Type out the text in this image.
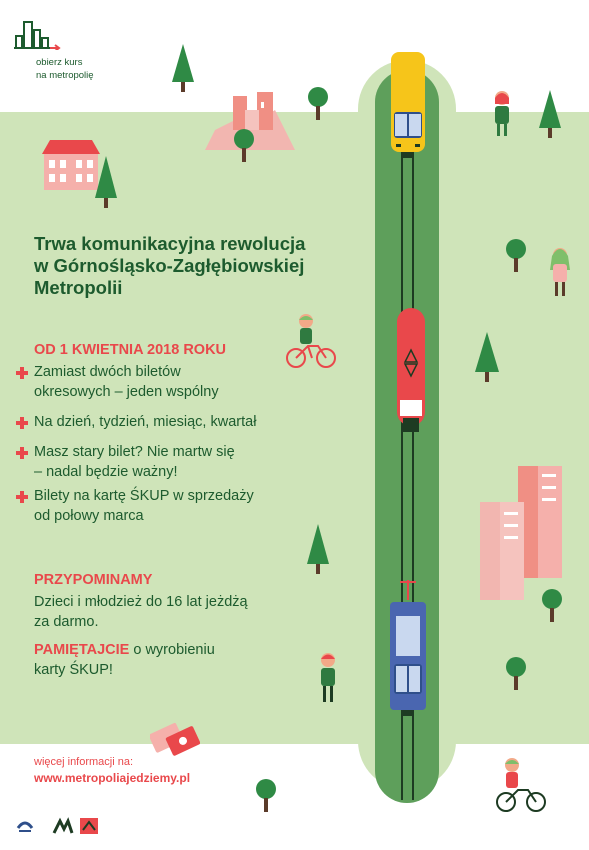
obierz kurs
na metropolię
Trwa komunikacyjna rewolucja
w Górnośląsko-Zagłębiowskiej
Metropolii
OD 1 KWIETNIA 2018 ROKU
Zamiast dwóch biletów
okresowych – jeden wspólny
Na dzień, tydzień, miesiąc, kwartał
Masz stary bilet? Nie martw się
– nadal będzie ważny!
Bilety na kartę ŚKUP w sprzedaży
od połowy marca
PRZYPOMINAMY
Dzieci i młodzież do 16 lat jeżdżą
za darmo.
PAMIĘTAJCIE o wyrobieniu
karty ŚKUP!
więcej informacji na:
www.metropoliajedziemy.pl
